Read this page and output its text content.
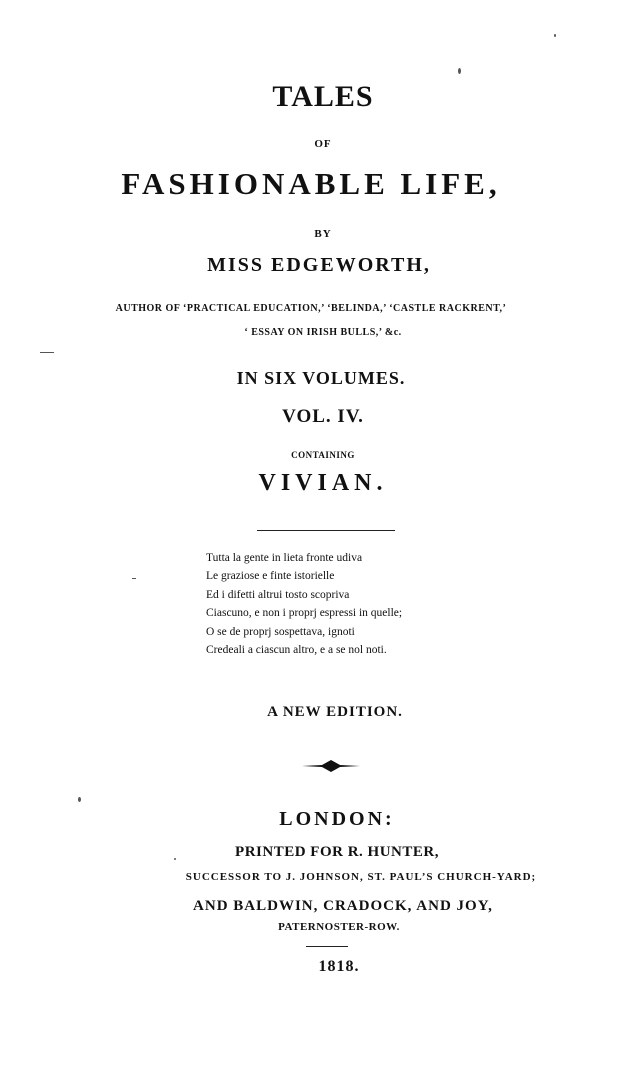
TALES
OF
FASHIONABLE LIFE,
BY
MISS EDGEWORTH,
AUTHOR OF ‘PRACTICAL EDUCATION,’ ‘BELINDA,’ ‘CASTLE RACKRENT,’
‘ ESSAY ON IRISH BULLS,’ &c.
IN SIX VOLUMES.
VOL. IV.
CONTAINING
VIVIAN.
Tutta la gente in lieta fronte udiva
Le graziose e finte istorielle
Ed i difetti altrui tosto scopriva
Ciascuno, e non i proprj espressi in quelle;
O se de proprj sospettava, ignoti
Credeali a ciascun altro, e a se nol noti.
A NEW EDITION.
LONDON:
PRINTED FOR R. HUNTER,
SUCCESSOR TO J. JOHNSON, ST. PAUL’S CHURCH-YARD;
AND BALDWIN, CRADOCK, AND JOY,
PATERNOSTER-ROW.
1818.
